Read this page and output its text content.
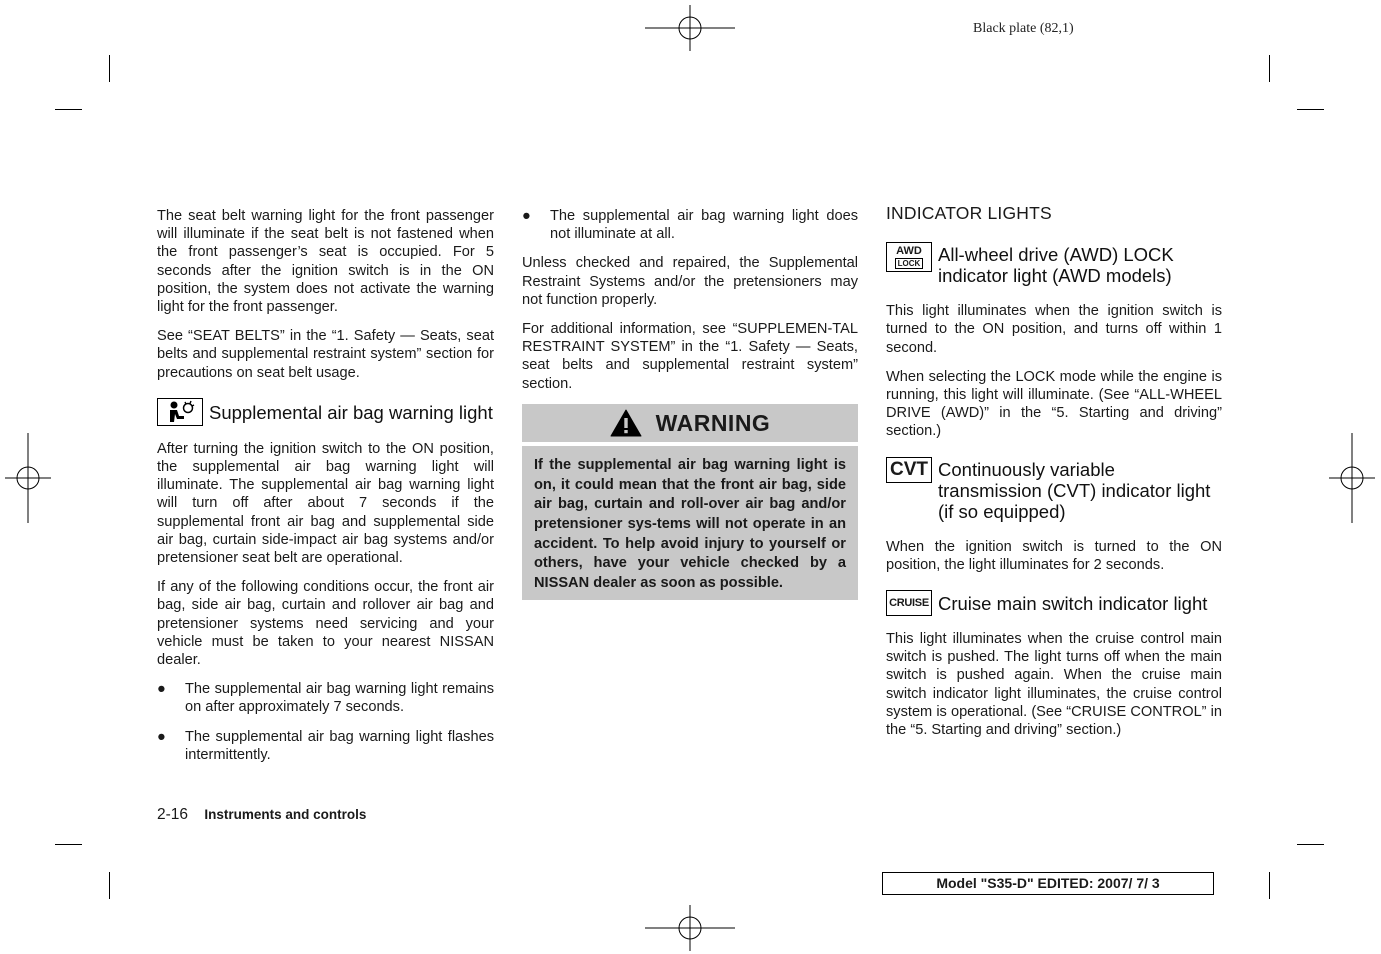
Black plate (82,1)

The seat belt warning light for the front passenger will illuminate if the seat belt is not fastened when the front passenger’s seat is occupied. For 5 seconds after the ignition switch is in the ON position, the system does not activate the warning light for the front passenger.

See “SEAT BELTS” in the “1. Safety — Seats, seat belts and supplemental restraint system” section for precautions on seat belt usage.

Supplemental air bag warning light

After turning the ignition switch to the ON position, the supplemental air bag warning light will illuminate. The supplemental air bag warning light will turn off after about 7 seconds if the supplemental front air bag and supplemental side air bag, curtain side-impact air bag systems and/or pretensioner seat belt are operational.

If any of the following conditions occur, the front air bag, side air bag, curtain and rollover air bag and pretensioner systems need servicing and your vehicle must be taken to your nearest NISSAN dealer.

● The supplemental air bag warning light remains on after approximately 7 seconds.
● The supplemental air bag warning light flashes intermittently.
● The supplemental air bag warning light does not illuminate at all.

Unless checked and repaired, the Supplemental Restraint Systems and/or the pretensioners may not function properly.

For additional information, see “SUPPLEMEN-TAL RESTRAINT SYSTEM” in the “1. Safety — Seats, seat belts and supplemental restraint system” section.

WARNING
If the supplemental air bag warning light is on, it could mean that the front air bag, side air bag, curtain and roll-over air bag and/or pretensioner sys-tems will not operate in an accident. To help avoid injury to yourself or others, have your vehicle checked by a NISSAN dealer as soon as possible.
INDICATOR LIGHTS
AWD
LOCK All-wheel drive (AWD) LOCK indicator light (AWD models)

This light illuminates when the ignition switch is turned to the ON position, and turns off within 1 second.

When selecting the LOCK mode while the engine is running, this light will illuminate. (See “ALL-WHEEL DRIVE (AWD)” in the “5. Starting and driving” section.)

CVT Continuously variable transmission (CVT) indicator light (if so equipped)

When the ignition switch is turned to the ON position, the light illuminates for 2 seconds.

CRUISE Cruise main switch indicator light

This light illuminates when the cruise control main switch is pushed. The light turns off when the main switch is pushed again. When the cruise main switch indicator light illuminates, the cruise control system is operational. (See “CRUISE CONTROL” in the “5. Starting and driving” section.)

2-16 Instruments and controls
Model "S35-D" EDITED: 2007/ 7/ 3
